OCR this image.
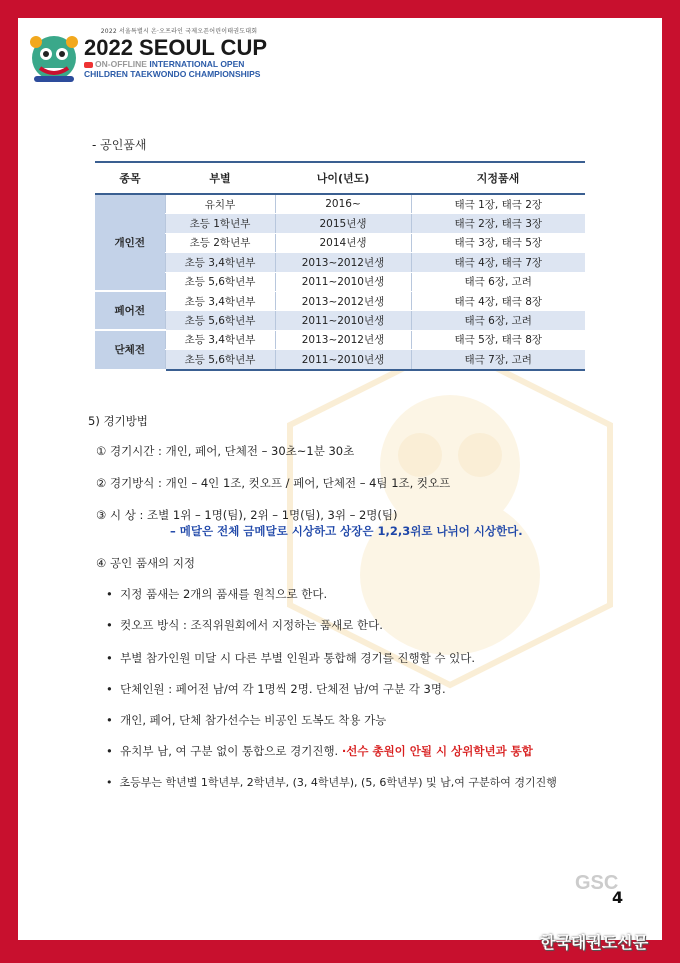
2022 서울특별시 온·오프라인 국제오픈어린이태권도대회
2022 SEOUL CUP
ON-OFFLINE INTERNATIONAL OPEN
CHILDREN TAEKWONDO CHAMPIONSHIPS
- 공인품새
종목	부별	나이(년도)	지정품새
개인전	유치부	2016~	태극 1장, 태극 2장
	초등 1학년부	2015년생	태극 2장, 태극 3장
	초등 2학년부	2014년생	태극 3장, 태극 5장
	초등 3,4학년부	2013~2012년생	태극 4장, 태극 7장
	초등 5,6학년부	2011~2010년생	태극 6장, 고려
페어전	초등 3,4학년부	2013~2012년생	태극 4장, 태극 8장
	초등 5,6학년부	2011~2010년생	태극 6장, 고려
단체전	초등 3,4학년부	2013~2012년생	태극 5장, 태극 8장
	초등 5,6학년부	2011~2010년생	태극 7장, 고려
5) 경기방법
① 경기시간 : 개인, 페어, 단체전 – 30초~1분 30초
② 경기방식 : 개인 – 4인 1조, 컷오프 / 페어, 단체전 – 4팀 1조, 컷오프
③ 시 상 : 조별 1위 – 1명(팀), 2위 – 1명(팀), 3위 – 2명(팀)
– 메달은 전체 금메달로 시상하고 상장은 1,2,3위로 나뉘어 시상한다.
④ 공인 품새의 지정
•  지정 품새는 2개의 품새를 원칙으로 한다.
•  컷오프 방식 : 조직위원회에서 지정하는 품새로 한다.
•  부별 참가인원 미달 시 다른 부별 인원과 통합해 경기를 진행할 수 있다.
•  단체인원 : 페어전 남/여 각 1명씩 2명. 단체전 남/여 구분 각 3명.
•  개인, 페어, 단체 참가선수는 비공인 도복도 착용 가능
•  유치부 남, 여 구분 없이 통합으로 경기진행. ·선수 총원이 안될 시 상위학년과 통합
•  초등부는 학년별 1학년부, 2학년부, (3, 4학년부), (5, 6학년부) 및 남,여 구분하여 경기진행
GSC
4
한국태권도신문
